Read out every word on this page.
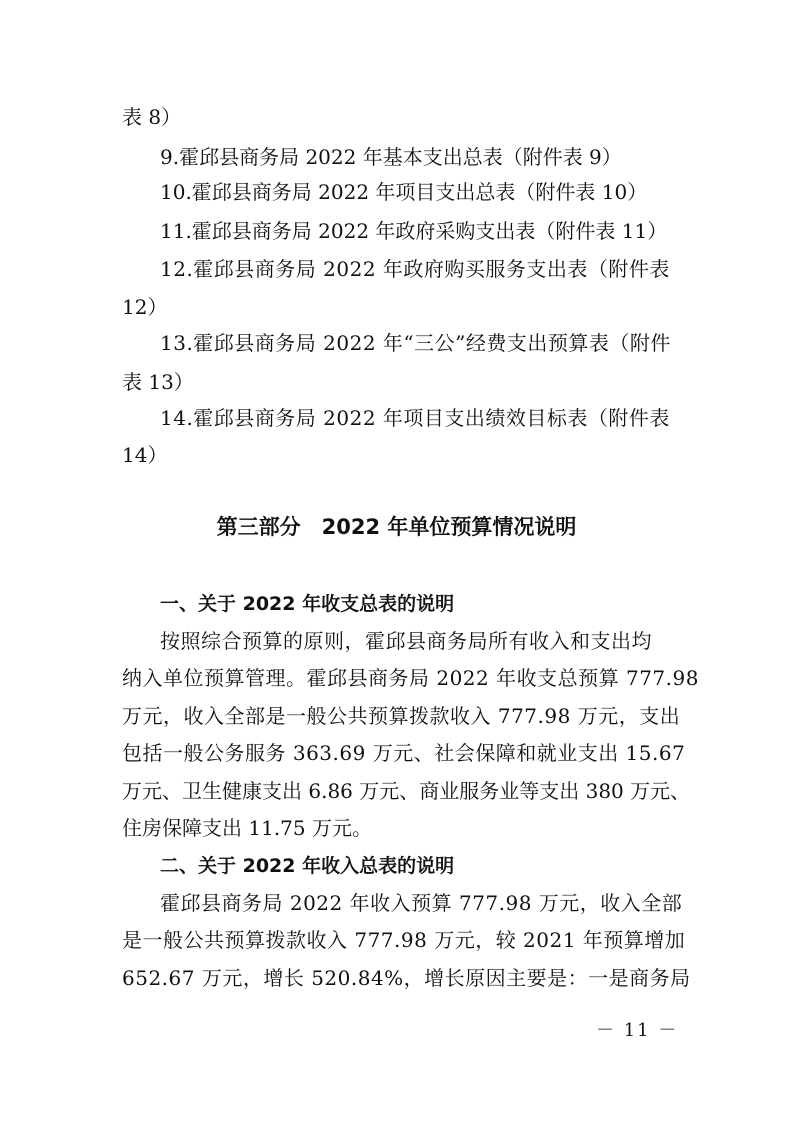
表 8）
9.霍邱县商务局 2022 年基本支出总表（附件表 9）
10.霍邱县商务局 2022 年项目支出总表（附件表 10）
11.霍邱县商务局 2022 年政府采购支出表（附件表 11）
12.霍邱县商务局 2022 年政府购买服务支出表（附件表
12）
13.霍邱县商务局 2022 年“三公”经费支出预算表（附件
表 13）
14.霍邱县商务局 2022 年项目支出绩效目标表（附件表
14）
第三部分　2022 年单位预算情况说明
一、关于 2022 年收支总表的说明
按照综合预算的原则，霍邱县商务局所有收入和支出均
纳入单位预算管理。霍邱县商务局 2022 年收支总预算 777.98
万元，收入全部是一般公共预算拨款收入 777.98 万元，支出
包括一般公务服务 363.69 万元、社会保障和就业支出 15.67
万元、卫生健康支出 6.86 万元、商业服务业等支出 380 万元、
住房保障支出 11.75 万元。
二、关于 2022 年收入总表的说明
霍邱县商务局 2022 年收入预算 777.98 万元，收入全部
是一般公共预算拨款收入 777.98 万元，较 2021 年预算增加
652.67 万元，增长 520.84%，增长原因主要是：一是商务局
－ 11 －
